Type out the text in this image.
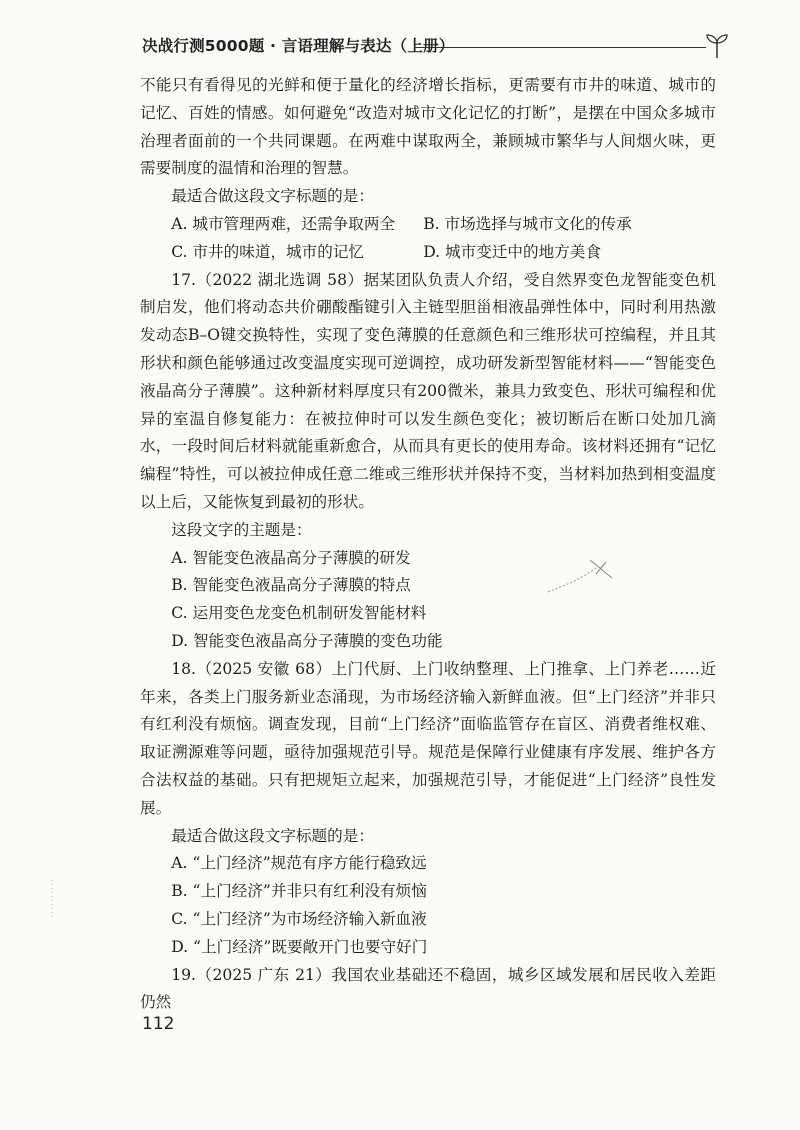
决战行测5000题 · 言语理解与表达（上册）

不能只有看得见的光鲜和便于量化的经济增长指标，更需要有市井的味道、城市的记忆、百姓的情感。如何避免“改造对城市文化记忆的打断”，是摆在中国众多城市治理者面前的一个共同课题。在两难中谋取两全，兼顾城市繁华与人间烟火味，更需要制度的温情和治理的智慧。

最适合做这段文字标题的是：

A. 城市管理两难，还需争取两全	B. 市场选择与城市文化的传承
C. 市井的味道，城市的记忆	D. 城市变迁中的地方美食

17.（2022 湖北选调 58）据某团队负责人介绍，受自然界变色龙智能变色机制启发，他们将动态共价硼酸酯键引入主链型胆甾相液晶弹性体中，同时利用热激发动态B–O键交换特性，实现了变色薄膜的任意颜色和三维形状可控编程，并且其形状和颜色能够通过改变温度实现可逆调控，成功研发新型智能材料——“智能变色液晶高分子薄膜”。这种新材料厚度只有200微米，兼具力致变色、形状可编程和优异的室温自修复能力：在被拉伸时可以发生颜色变化；被切断后在断口处加几滴水，一段时间后材料就能重新愈合，从而具有更长的使用寿命。该材料还拥有“记忆编程”特性，可以被拉伸成任意二维或三维形状并保持不变，当材料加热到相变温度以上后，又能恢复到最初的形状。

这段文字的主题是：

A. 智能变色液晶高分子薄膜的研发

B. 智能变色液晶高分子薄膜的特点

C. 运用变色龙变色机制研发智能材料

D. 智能变色液晶高分子薄膜的变色功能

18.（2025 安徽 68）上门代厨、上门收纳整理、上门推拿、上门养老……近年来，各类上门服务新业态涌现，为市场经济输入新鲜血液。但“上门经济”并非只有红利没有烦恼。调查发现，目前“上门经济”面临监管存在盲区、消费者维权难、取证溯源难等问题，亟待加强规范引导。规范是保障行业健康有序发展、维护各方合法权益的基础。只有把规矩立起来，加强规范引导，才能促进“上门经济”良性发展。

最适合做这段文字标题的是：

A. “上门经济”规范有序方能行稳致远

B. “上门经济”并非只有红利没有烦恼

C. “上门经济”为市场经济输入新血液

D. “上门经济”既要敞开门也要守好门

19.（2025 广东 21）我国农业基础还不稳固，城乡区域发展和居民收入差距仍然

112
